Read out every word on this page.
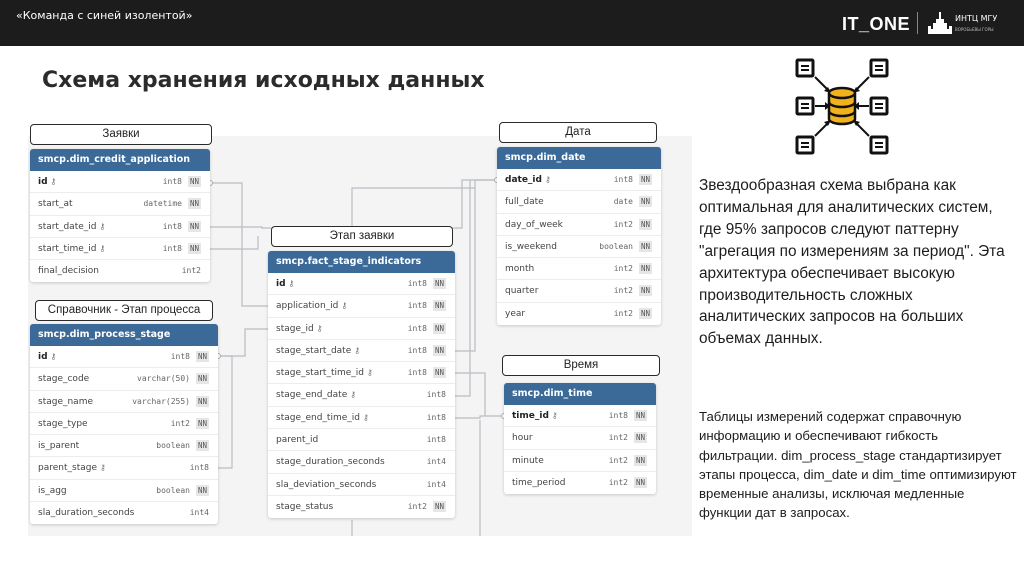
«Команда с синей изолентой»	IT_ONE	ИНТЦ МГУ
ВОРОБЬЕВЫ ГОРЫ
Схема хранения исходных данных
Заявки
Справочник - Этап процесса
Этап заявки
Дата
Время
smcp.dim_credit_application
id ⚷	int8 NN
start_at	datetime NN
start_date_id ⚷	int8 NN
start_time_id ⚷	int8 NN
final_decision	int2
smcp.dim_process_stage
id ⚷	int8 NN
stage_code	varchar(50) NN
stage_name	varchar(255) NN
stage_type	int2 NN
is_parent	boolean NN
parent_stage ⚷	int8
is_agg	boolean NN
sla_duration_seconds	int4
smcp.fact_stage_indicators
id ⚷	int8 NN
application_id ⚷	int8 NN
stage_id ⚷	int8 NN
stage_start_date ⚷	int8 NN
stage_start_time_id ⚷	int8 NN
stage_end_date ⚷	int8
stage_end_time_id ⚷	int8
parent_id	int8
stage_duration_seconds	int4
sla_deviation_seconds	int4
stage_status	int2 NN
smcp.dim_date
date_id ⚷	int8 NN
full_date	date NN
day_of_week	int2 NN
is_weekend	boolean NN
month	int2 NN
quarter	int2 NN
year	int2 NN
smcp.dim_time
time_id ⚷	int8 NN
hour	int2 NN
minute	int2 NN
time_period	int2 NN
Звездообразная схема выбрана как оптимальная для аналитических систем, где 95% запросов следуют паттерну "агрегация по измерениям за период". Эта архитектура обеспечивает высокую производительность сложных аналитических запросов на больших объемах данных.
Таблицы измерений содержат справочную информацию и обеспечивают гибкость фильтрации. dim_process_stage стандартизирует этапы процесса, dim_date и dim_time оптимизируют временные анализы, исключая медленные функции дат в запросах.
